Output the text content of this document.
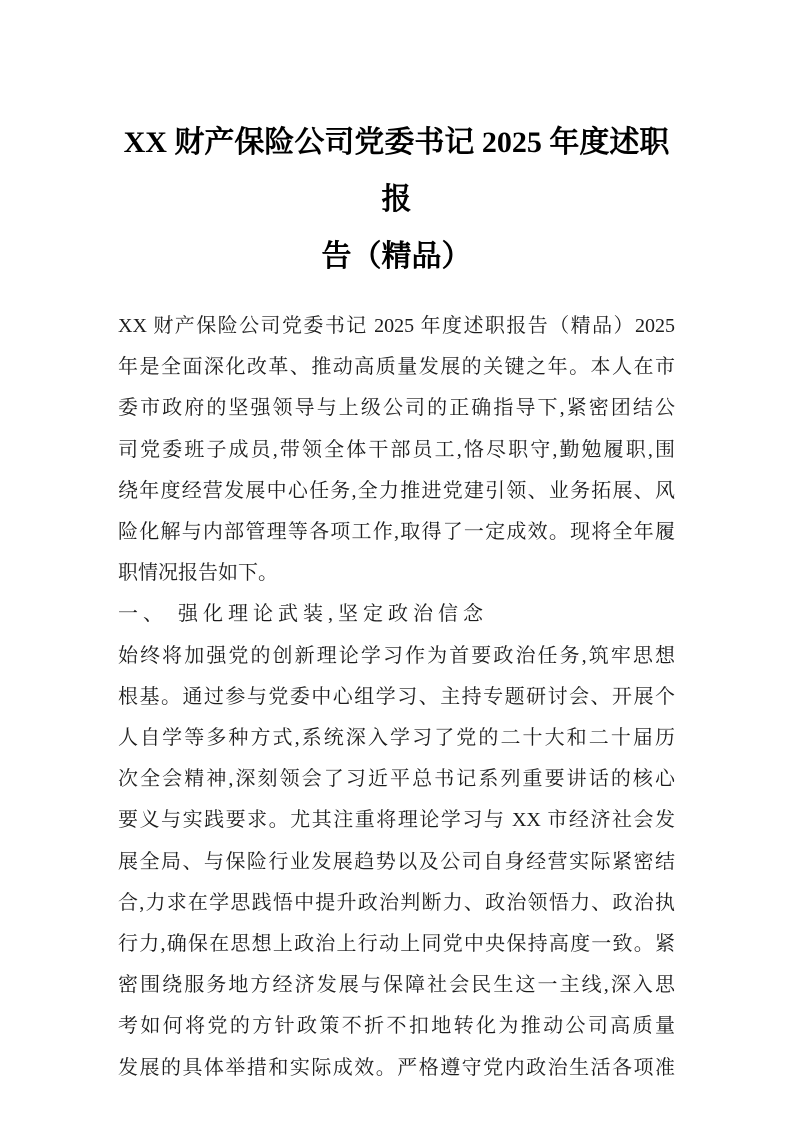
XX 财产保险公司党委书记 2025 年度述职报
告（精品）
XX 财产保险公司党委书记 2025 年度述职报告（精品）2025
年是全面深化改革、推动高质量发展的关键之年。本人在市
委市政府的坚强领导与上级公司的正确指导下,紧密团结公
司党委班子成员,带领全体干部员工,恪尽职守,勤勉履职,围
绕年度经营发展中心任务,全力推进党建引领、业务拓展、风
险化解与内部管理等各项工作,取得了一定成效。现将全年履
职情况报告如下。
一、 强化理论武装,坚定政治信念
始终将加强党的创新理论学习作为首要政治任务,筑牢思想
根基。通过参与党委中心组学习、主持专题研讨会、开展个
人自学等多种方式,系统深入学习了党的二十大和二十届历
次全会精神,深刻领会了习近平总书记系列重要讲话的核心
要义与实践要求。尤其注重将理论学习与 XX 市经济社会发
展全局、与保险行业发展趋势以及公司自身经营实际紧密结
合,力求在学思践悟中提升政治判断力、政治领悟力、政治执
行力,确保在思想上政治上行动上同党中央保持高度一致。紧
密围绕服务地方经济发展与保障社会民生这一主线,深入思
考如何将党的方针政策不折不扣地转化为推动公司高质量
发展的具体举措和实际成效。严格遵守党内政治生活各项准
